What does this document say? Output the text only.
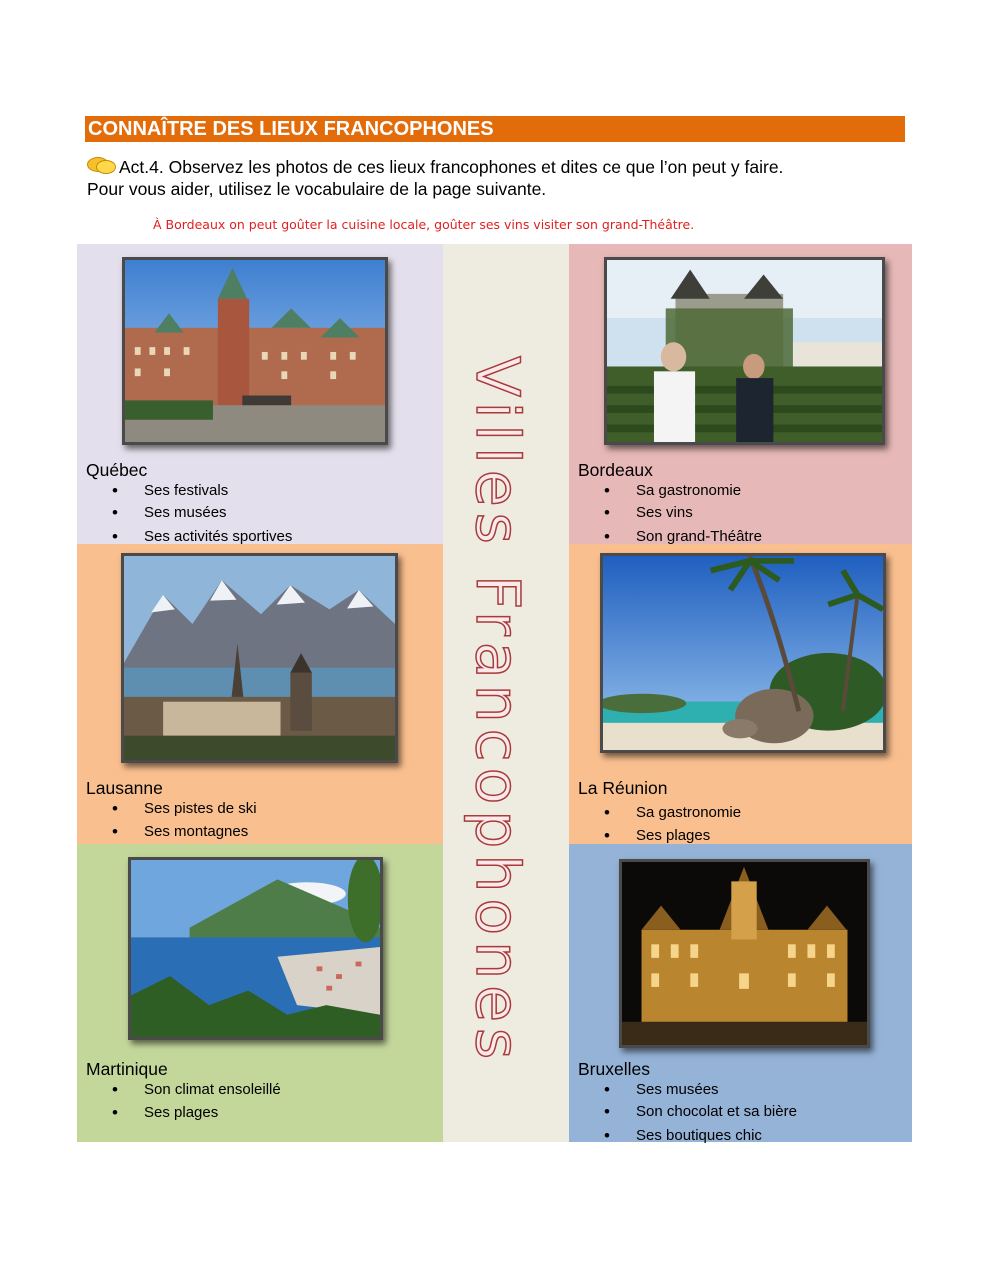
CONNAÎTRE DES LIEUX FRANCOPHONES
Act.4. Observez les photos de ces lieux francophones et dites ce que l’on peut y faire.
Pour vous aider, utilisez le vocabulaire de la page suivante.
À Bordeaux on peut goûter la cuisine locale, goûter ses vins visiter son grand-Théâtre.
Villes Francophones
Québec
• Ses festivals
• Ses musées
• Ses activités sportives
Bordeaux
• Sa gastronomie
• Ses vins
• Son grand-Théâtre
Lausanne
• Ses pistes de ski
• Ses montagnes
La Réunion
• Sa gastronomie
• Ses plages
Martinique
• Son climat ensoleillé
• Ses plages
Bruxelles
• Ses musées
• Son chocolat et sa bière
• Ses boutiques chic
